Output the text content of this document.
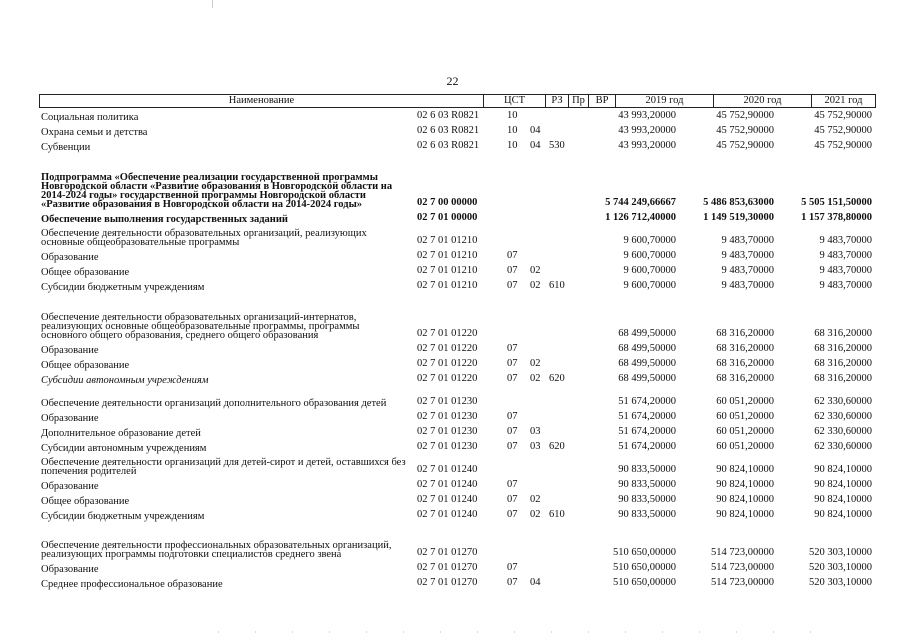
22
Наименование	ЦСТ	РЗ Пр	ВР	2019 год	2020 год	2021 год
Социальная политика	02 6 03 R0821	10	43 993,20000	45 752,90000	45 752,90000
Охрана семьи и детства	02 6 03 R0821	10 04	43 993,20000	45 752,90000	45 752,90000
Субвенции	02 6 03 R0821	10 04 530	43 993,20000	45 752,90000	45 752,90000
Подпрограмма «Обеспечение реализации государственной программы Новгородской области «Развитие образования в Новгородской области на 2014-2024 годы» государственной программы Новгородской области «Развитие образования в Новгородской области на 2014-2024 годы»	02 7 00 00000	5 744 249,66667	5 486 853,63000	5 505 151,50000
Обеспечение выполнения государственных заданий	02 7 01 00000	1 126 712,40000	1 149 519,30000	1 157 378,80000
Обеспечение деятельности образовательных организаций, реализующих основные общеобразовательные программы	02 7 01 01210	9 600,70000	9 483,70000	9 483,70000
Образование	02 7 01 01210	07	9 600,70000	9 483,70000	9 483,70000
Общее образование	02 7 01 01210	07 02	9 600,70000	9 483,70000	9 483,70000
Субсидии бюджетным учреждениям	02 7 01 01210	07 02 610	9 600,70000	9 483,70000	9 483,70000
Обеспечение деятельности образовательных организаций-интернатов, реализующих основные общеобразовательные программы, программы основного общего образования, среднего общего образования	02 7 01 01220	68 499,50000	68 316,20000	68 316,20000
Образование	02 7 01 01220	07	68 499,50000	68 316,20000	68 316,20000
Общее образование	02 7 01 01220	07 02	68 499,50000	68 316,20000	68 316,20000
Субсидии автономным учреждениям	02 7 01 01220	07 02 620	68 499,50000	68 316,20000	68 316,20000
Обеспечение деятельности организаций дополнительного образования детей	02 7 01 01230	51 674,20000	60 051,20000	62 330,60000
Образование	02 7 01 01230	07	51 674,20000	60 051,20000	62 330,60000
Дополнительное образование детей	02 7 01 01230	07 03	51 674,20000	60 051,20000	62 330,60000
Субсидии автономным учреждениям	02 7 01 01230	07 03 620	51 674,20000	60 051,20000	62 330,60000
Обеспечение деятельности организаций для детей-сирот и детей, оставшихся без попечения родителей	02 7 01 01240	90 833,50000	90 824,10000	90 824,10000
Образование	02 7 01 01240	07	90 833,50000	90 824,10000	90 824,10000
Общее образование	02 7 01 01240	07 02	90 833,50000	90 824,10000	90 824,10000
Субсидии бюджетным учреждениям	02 7 01 01240	07 02 610	90 833,50000	90 824,10000	90 824,10000
Обеспечение деятельности профессиональных образовательных организаций, реализующих программы подготовки специалистов среднего звена	02 7 01 01270	510 650,00000	514 723,00000	520 303,10000
Образование	02 7 01 01270	07	510 650,00000	514 723,00000	520 303,10000
Среднее профессиональное образование	02 7 01 01270	07 04	510 650,00000	514 723,00000	520 303,10000
